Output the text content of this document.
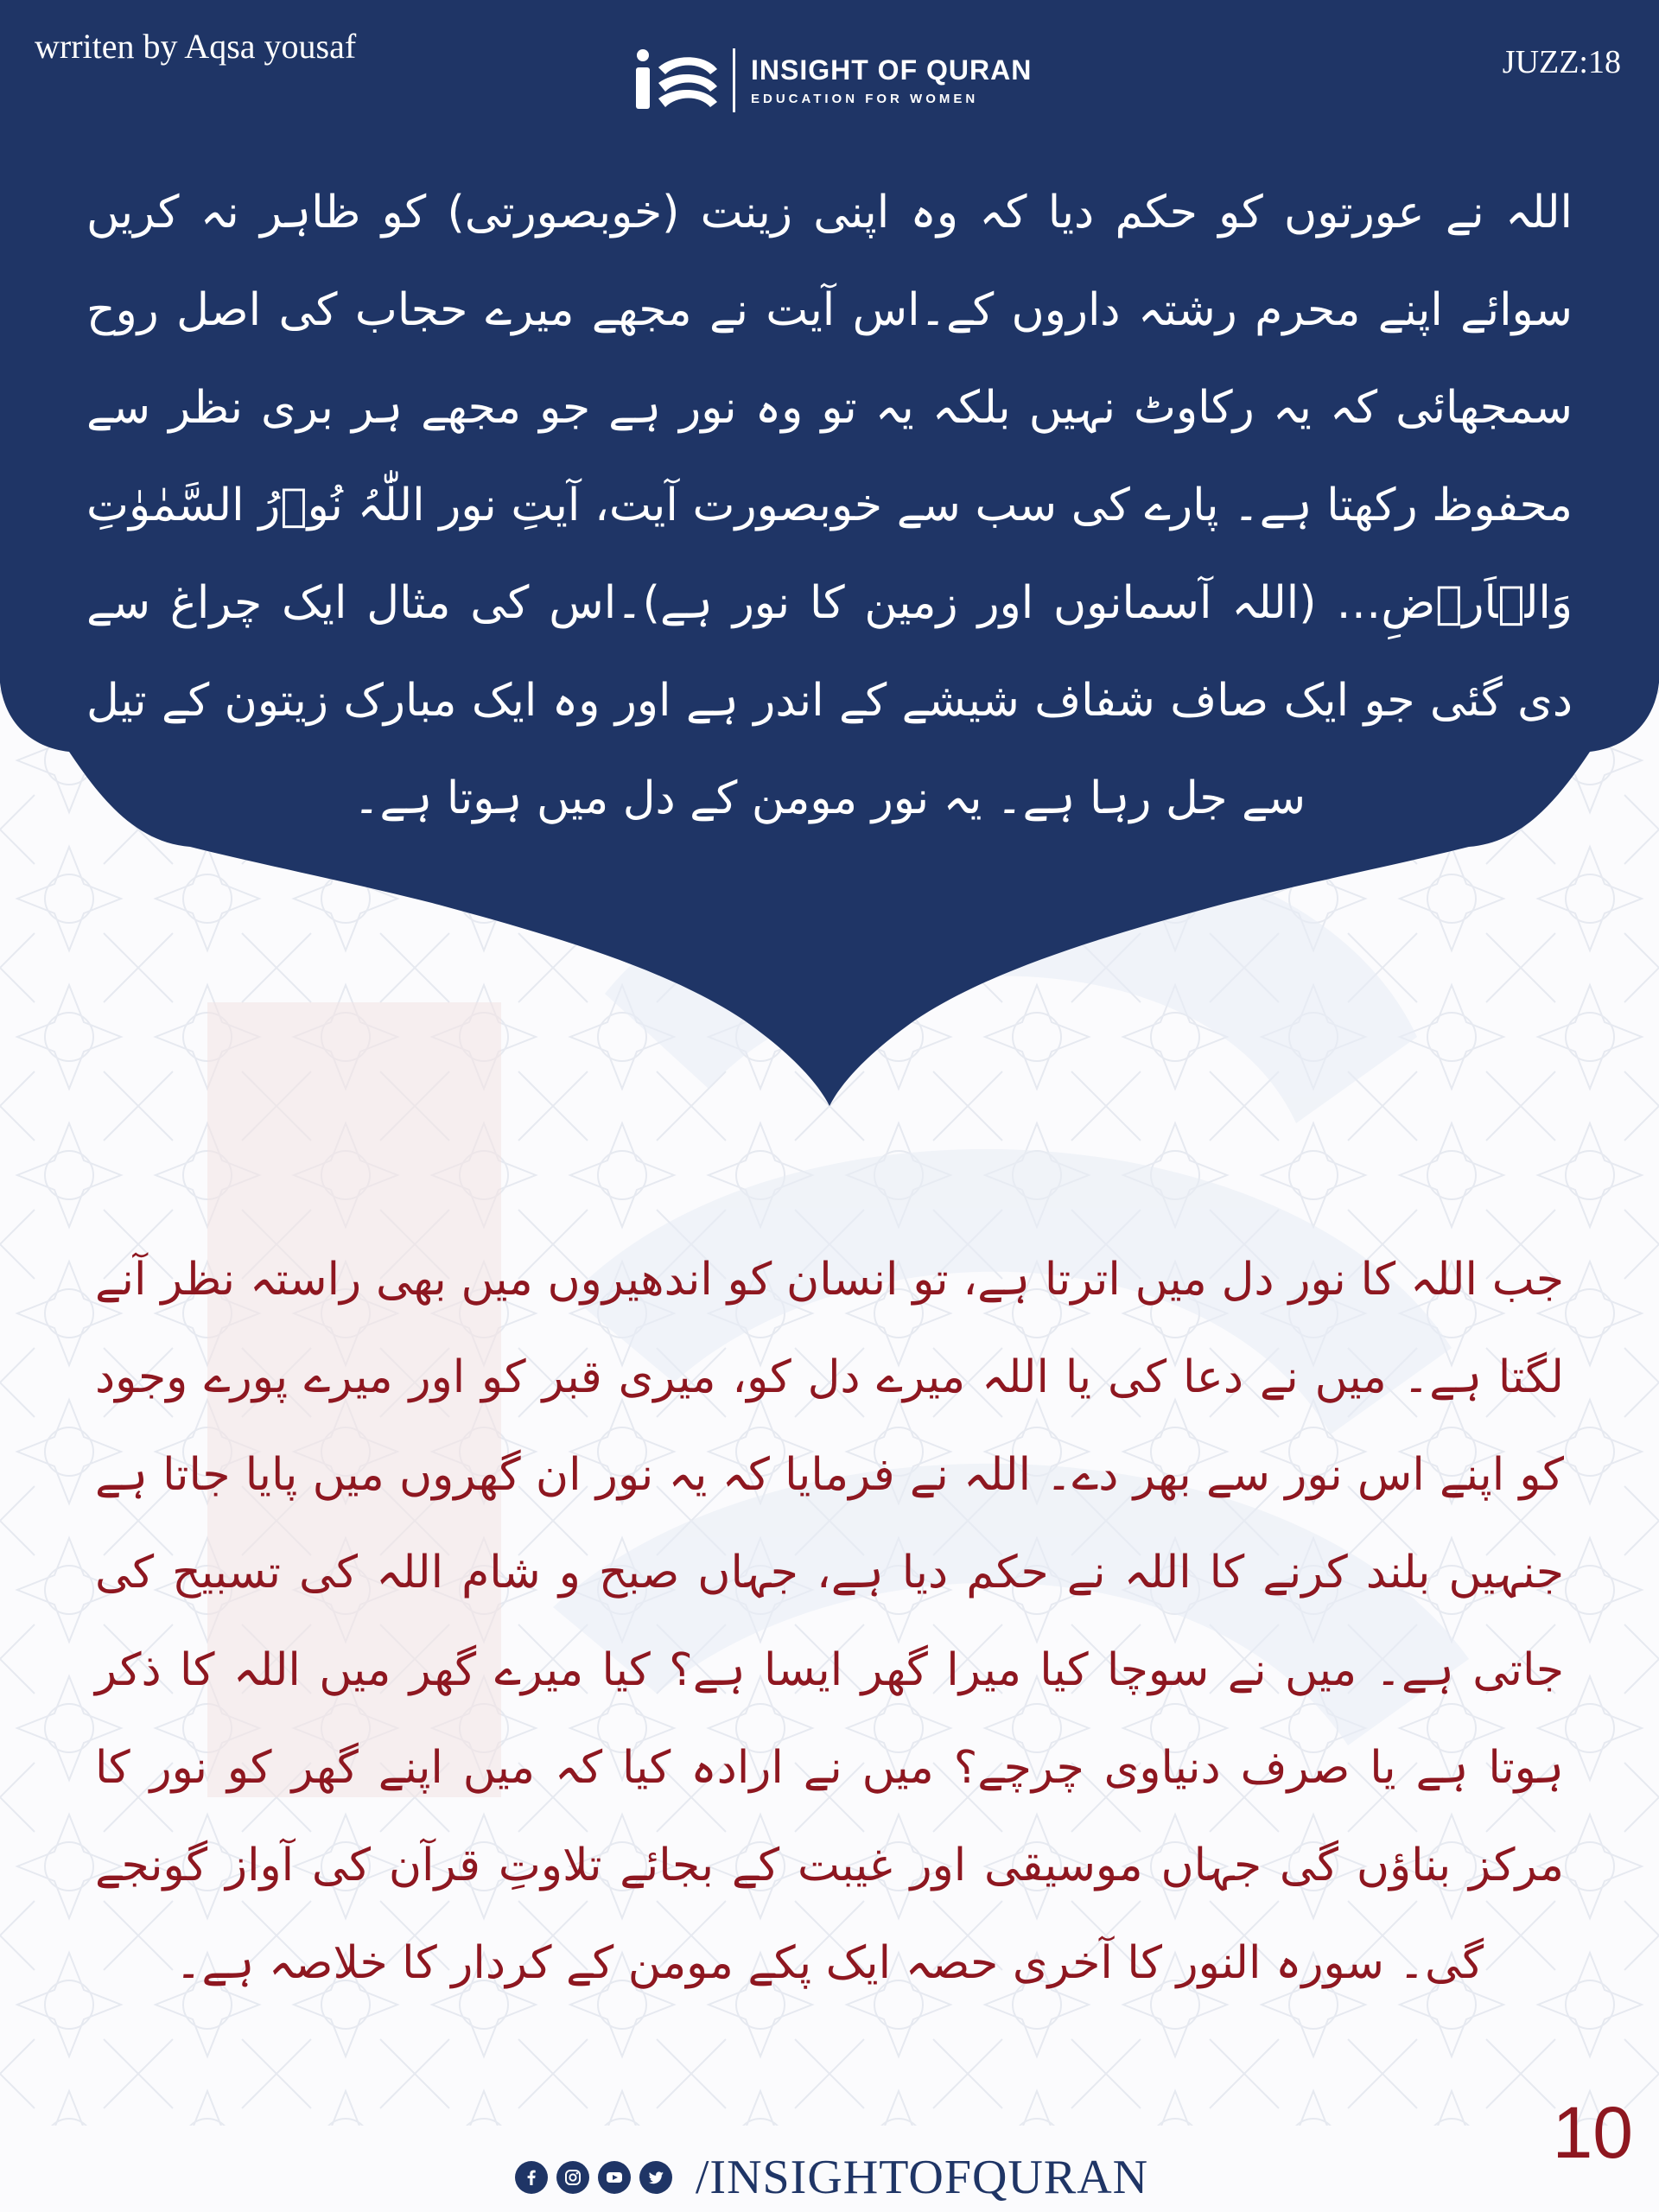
wrriten by Aqsa yousaf
INSIGHT OF QURAN
EDUCATION FOR WOMEN
JUZZ:18
اللہ نے عورتوں کو حکم دیا کہ وہ اپنی زینت (خوبصورتی) کو ظاہر نہ کریں سوائے اپنے محرم رشتہ داروں کے۔اس آیت نے مجھے میرے حجاب کی اصل روح سمجھائی کہ یہ رکاوٹ نہیں بلکہ یہ تو وہ نور ہے جو مجھے ہر بری نظر سے محفوظ رکھتا ہے۔ پارے کی سب سے خوبصورت آیت، آیتِ نور اللّٰہُ نُوۡرُ السَّمٰوٰتِ وَالۡاَرۡضِ… (اللہ آسمانوں اور زمین کا نور ہے)۔اس کی مثال ایک چراغ سے دی گئی جو ایک صاف شفاف شیشے کے اندر ہے اور وہ ایک مبارک زیتون کے تیل سے جل رہا ہے۔ یہ نور مومن کے دل میں ہوتا ہے۔
جب اللہ کا نور دل میں اترتا ہے، تو انسان کو اندھیروں میں بھی راستہ نظر آنے لگتا ہے۔ میں نے دعا کی یا اللہ میرے دل کو، میری قبر کو اور میرے پورے وجود کو اپنے اس نور سے بھر دے۔ اللہ نے فرمایا کہ یہ نور ان گھروں میں پایا جاتا ہے جنہیں بلند کرنے کا اللہ نے حکم دیا ہے، جہاں صبح و شام اللہ کی تسبیح کی جاتی ہے۔ میں نے سوچا کیا میرا گھر ایسا ہے؟ کیا میرے گھر میں اللہ کا ذکر ہوتا ہے یا صرف دنیاوی چرچے؟ میں نے ارادہ کیا کہ میں اپنے گھر کو نور کا مرکز بناؤں گی جہاں موسیقی اور غیبت کے بجائے تلاوتِ قرآن کی آواز گونجے گی۔ سورہ النور کا آخری حصہ ایک پکے مومن کے کردار کا خلاصہ ہے۔
/INSIGHTOFQURAN
10
